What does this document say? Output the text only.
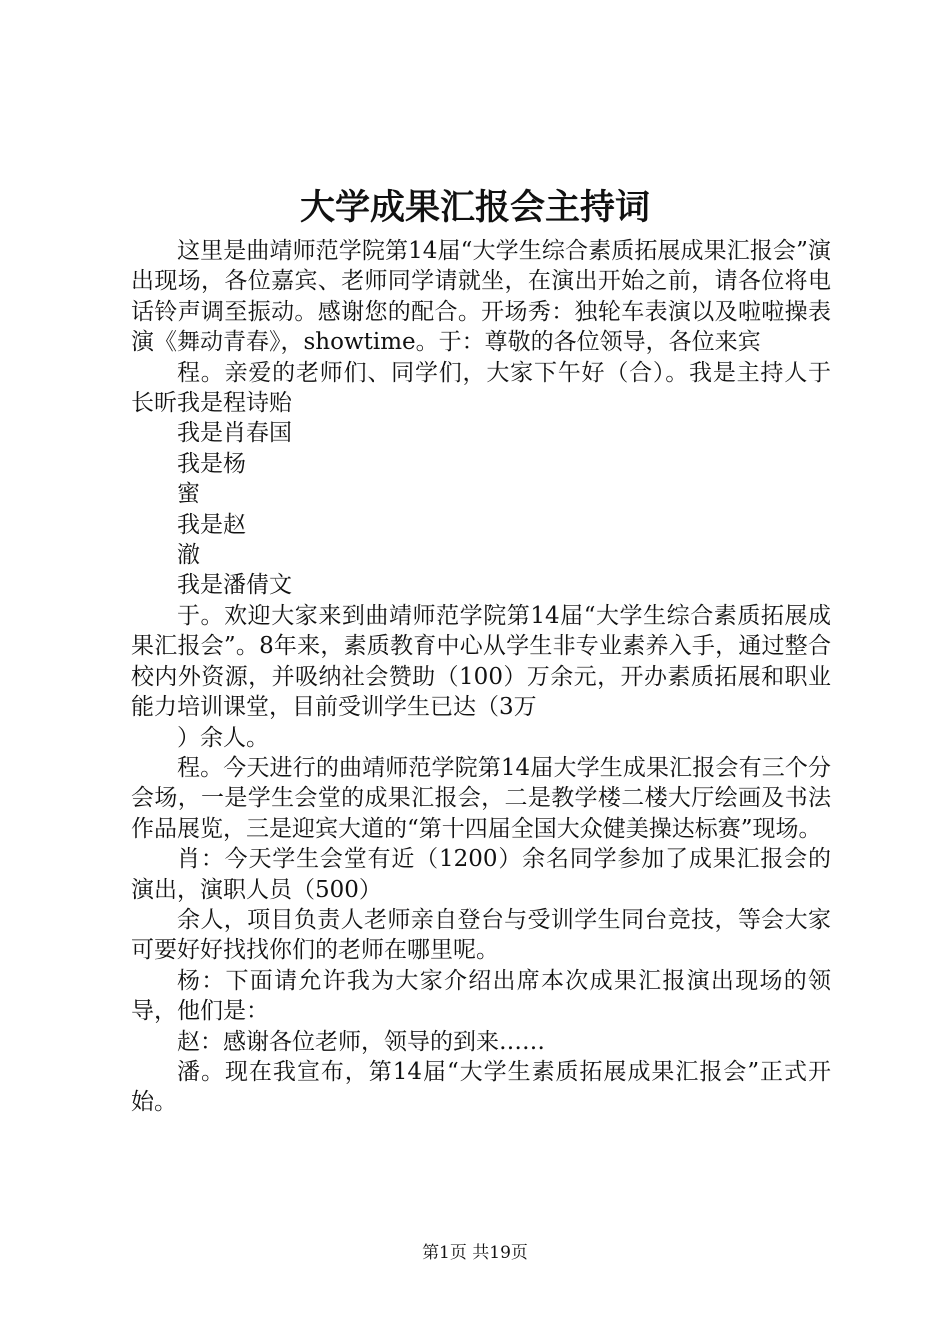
大学成果汇报会主持词

这里是曲靖师范学院第14届“大学生综合素质拓展成果汇报会”演出现场，各位嘉宾、老师同学请就坐，在演出开始之前，请各位将电话铃声调至振动。感谢您的配合。开场秀：独轮车表演以及啦啦操表演《舞动青春》，showtime。于：尊敬的各位领导，各位来宾

程。亲爱的老师们、同学们，大家下午好（合）。我是主持人于长昕我是程诗贻

我是肖春国

我是杨

蜜

我是赵

澈

我是潘倩文

于。欢迎大家来到曲靖师范学院第14届“大学生综合素质拓展成果汇报会”。8年来，素质教育中心从学生非专业素养入手，通过整合校内外资源，并吸纳社会赞助（100）万余元，开办素质拓展和职业能力培训课堂，目前受训学生已达（3万

）余人。

程。今天进行的曲靖师范学院第14届大学生成果汇报会有三个分会场，一是学生会堂的成果汇报会，二是教学楼二楼大厅绘画及书法作品展览，三是迎宾大道的“第十四届全国大众健美操达标赛”现场。

肖：今天学生会堂有近（1200）余名同学参加了成果汇报会的演出，演职人员（500）

余人，项目负责人老师亲自登台与受训学生同台竞技，等会大家可要好好找找你们的老师在哪里呢。

杨：下面请允许我为大家介绍出席本次成果汇报演出现场的领导，他们是：

赵：感谢各位老师，领导的到来……

潘。现在我宣布，第14届“大学生素质拓展成果汇报会”正式开始。

第1页 共19页
